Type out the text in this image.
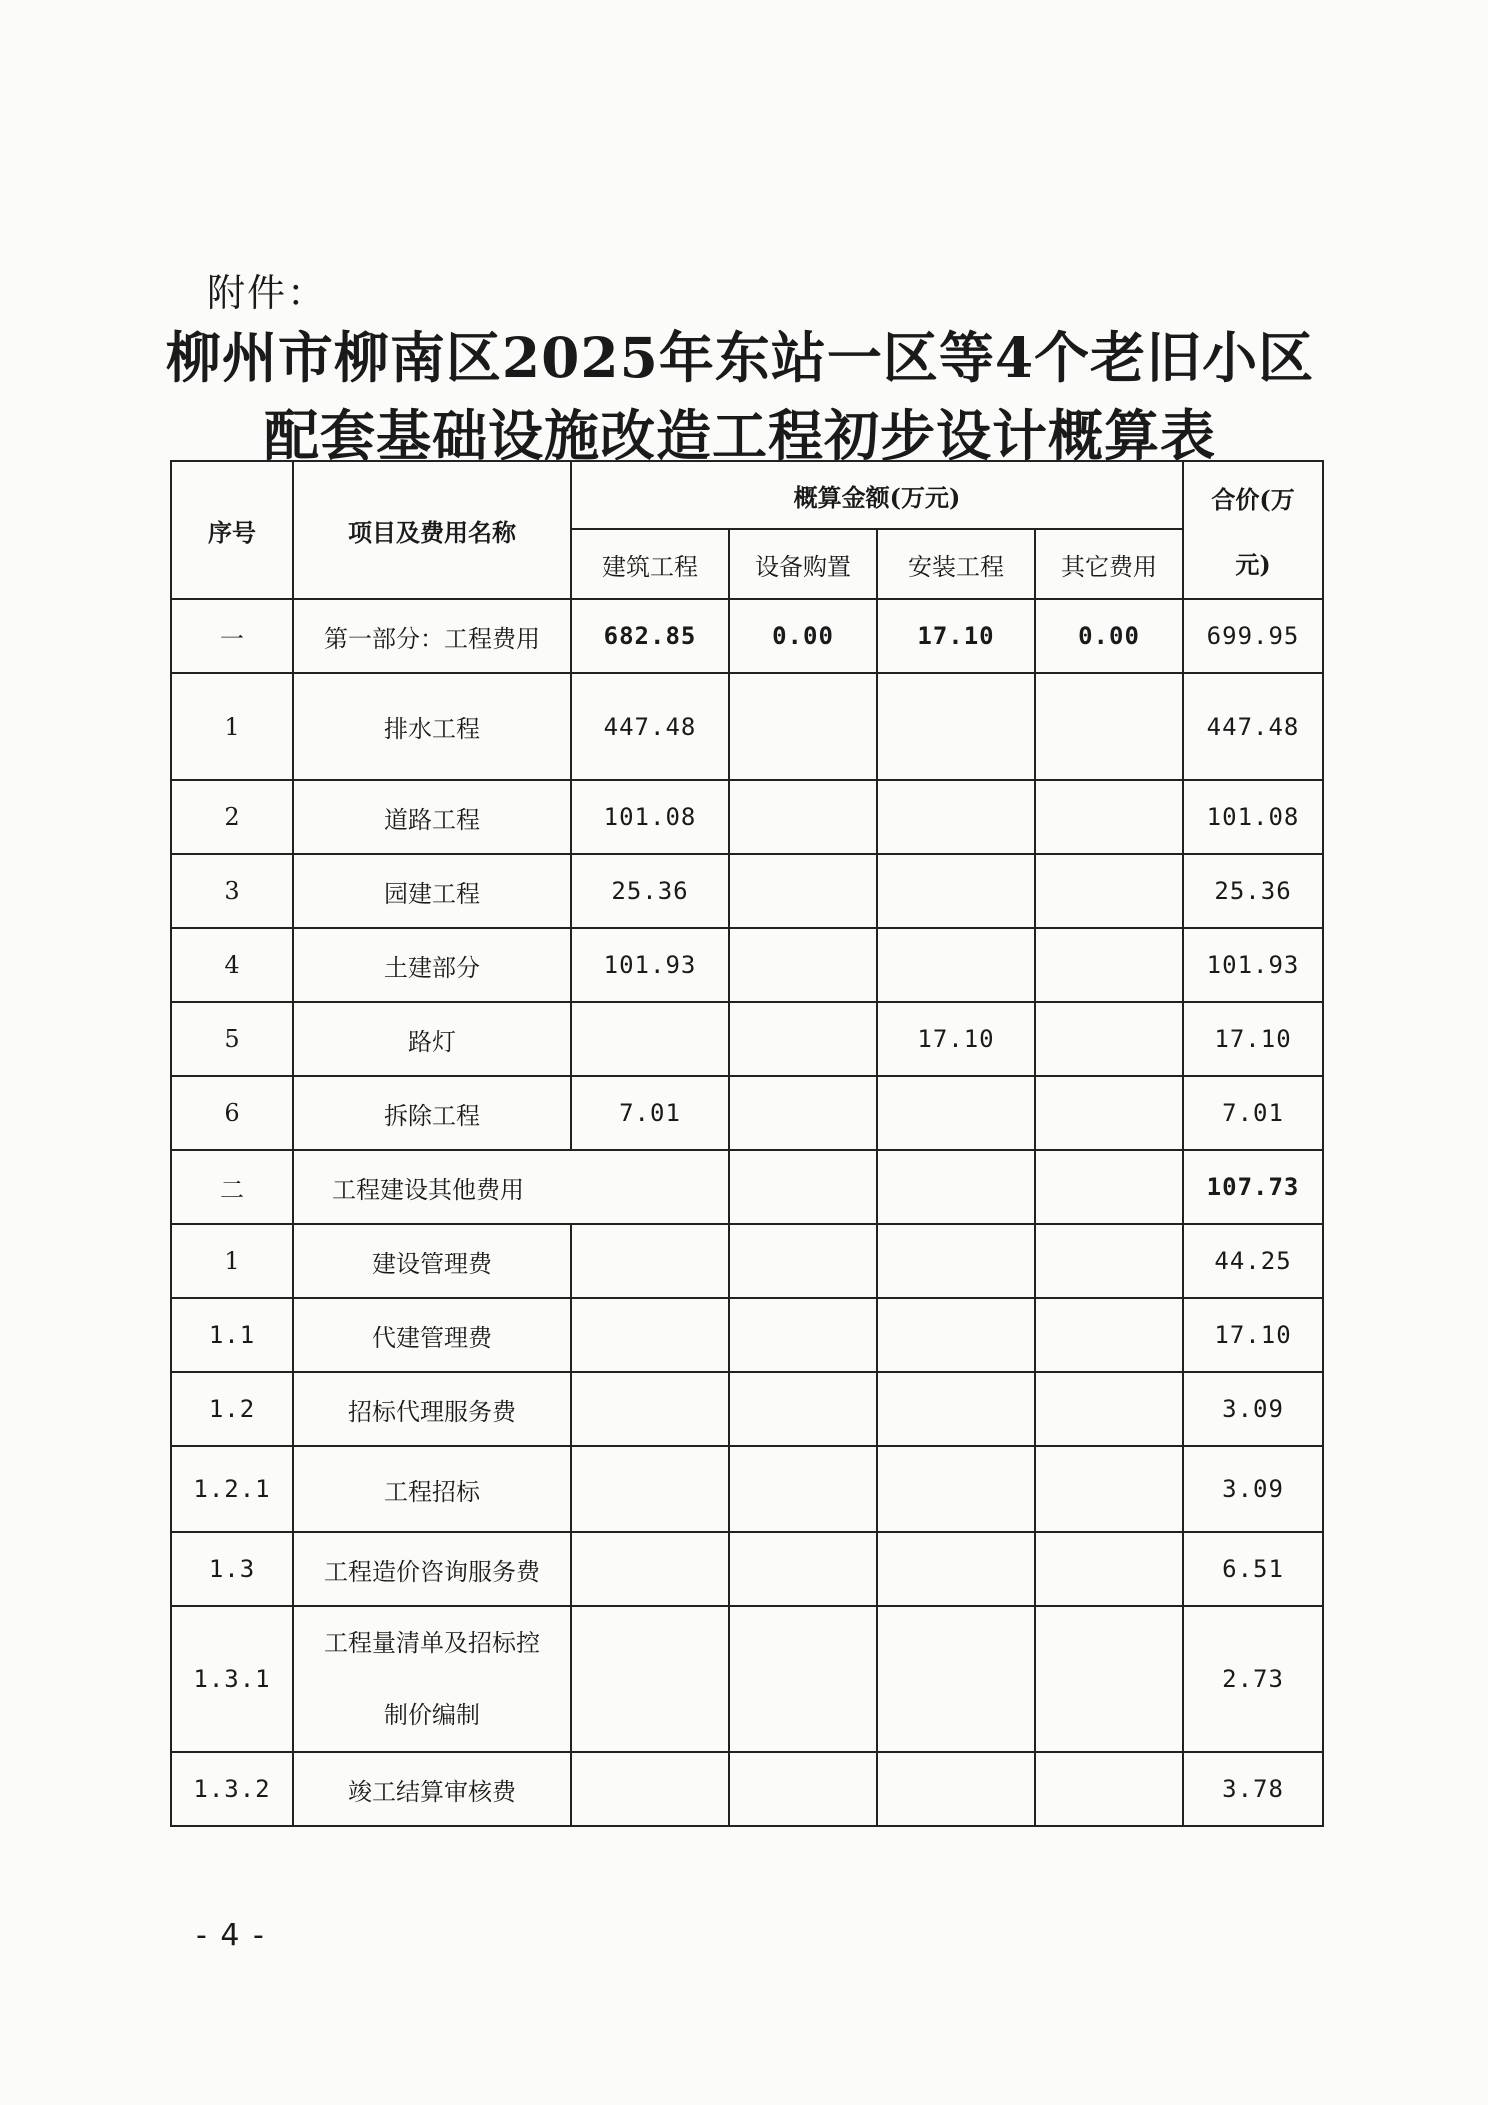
附件：
柳州市柳南区2025年东站一区等4个老旧小区
配套基础设施改造工程初步设计概算表
序号	项目及费用名称	概算金额(万元)				合价(万
元)

		建筑工程	设备购置	安装工程	其它费用	
一	第一部分：工程费用	682.85	0.00	17.10	0.00	699.95
1	排水工程	447.48				447.48
2	道路工程	101.08				101.08
3	园建工程	25.36				25.36
4	土建部分	101.93				101.93
5	路灯			17.10		17.10
6	拆除工程	7.01				7.01
二	工程建设其他费用					107.73
1	建设管理费					44.25
1.1	代建管理费					17.10
1.2	招标代理服务费					3.09
1.2.1	工程招标					3.09
1.3	工程造价咨询服务费					6.51
1.3.1	工程量清单及招标控
制价编制					2.73
1.3.2	竣工结算审核费					3.78
- 4 -
